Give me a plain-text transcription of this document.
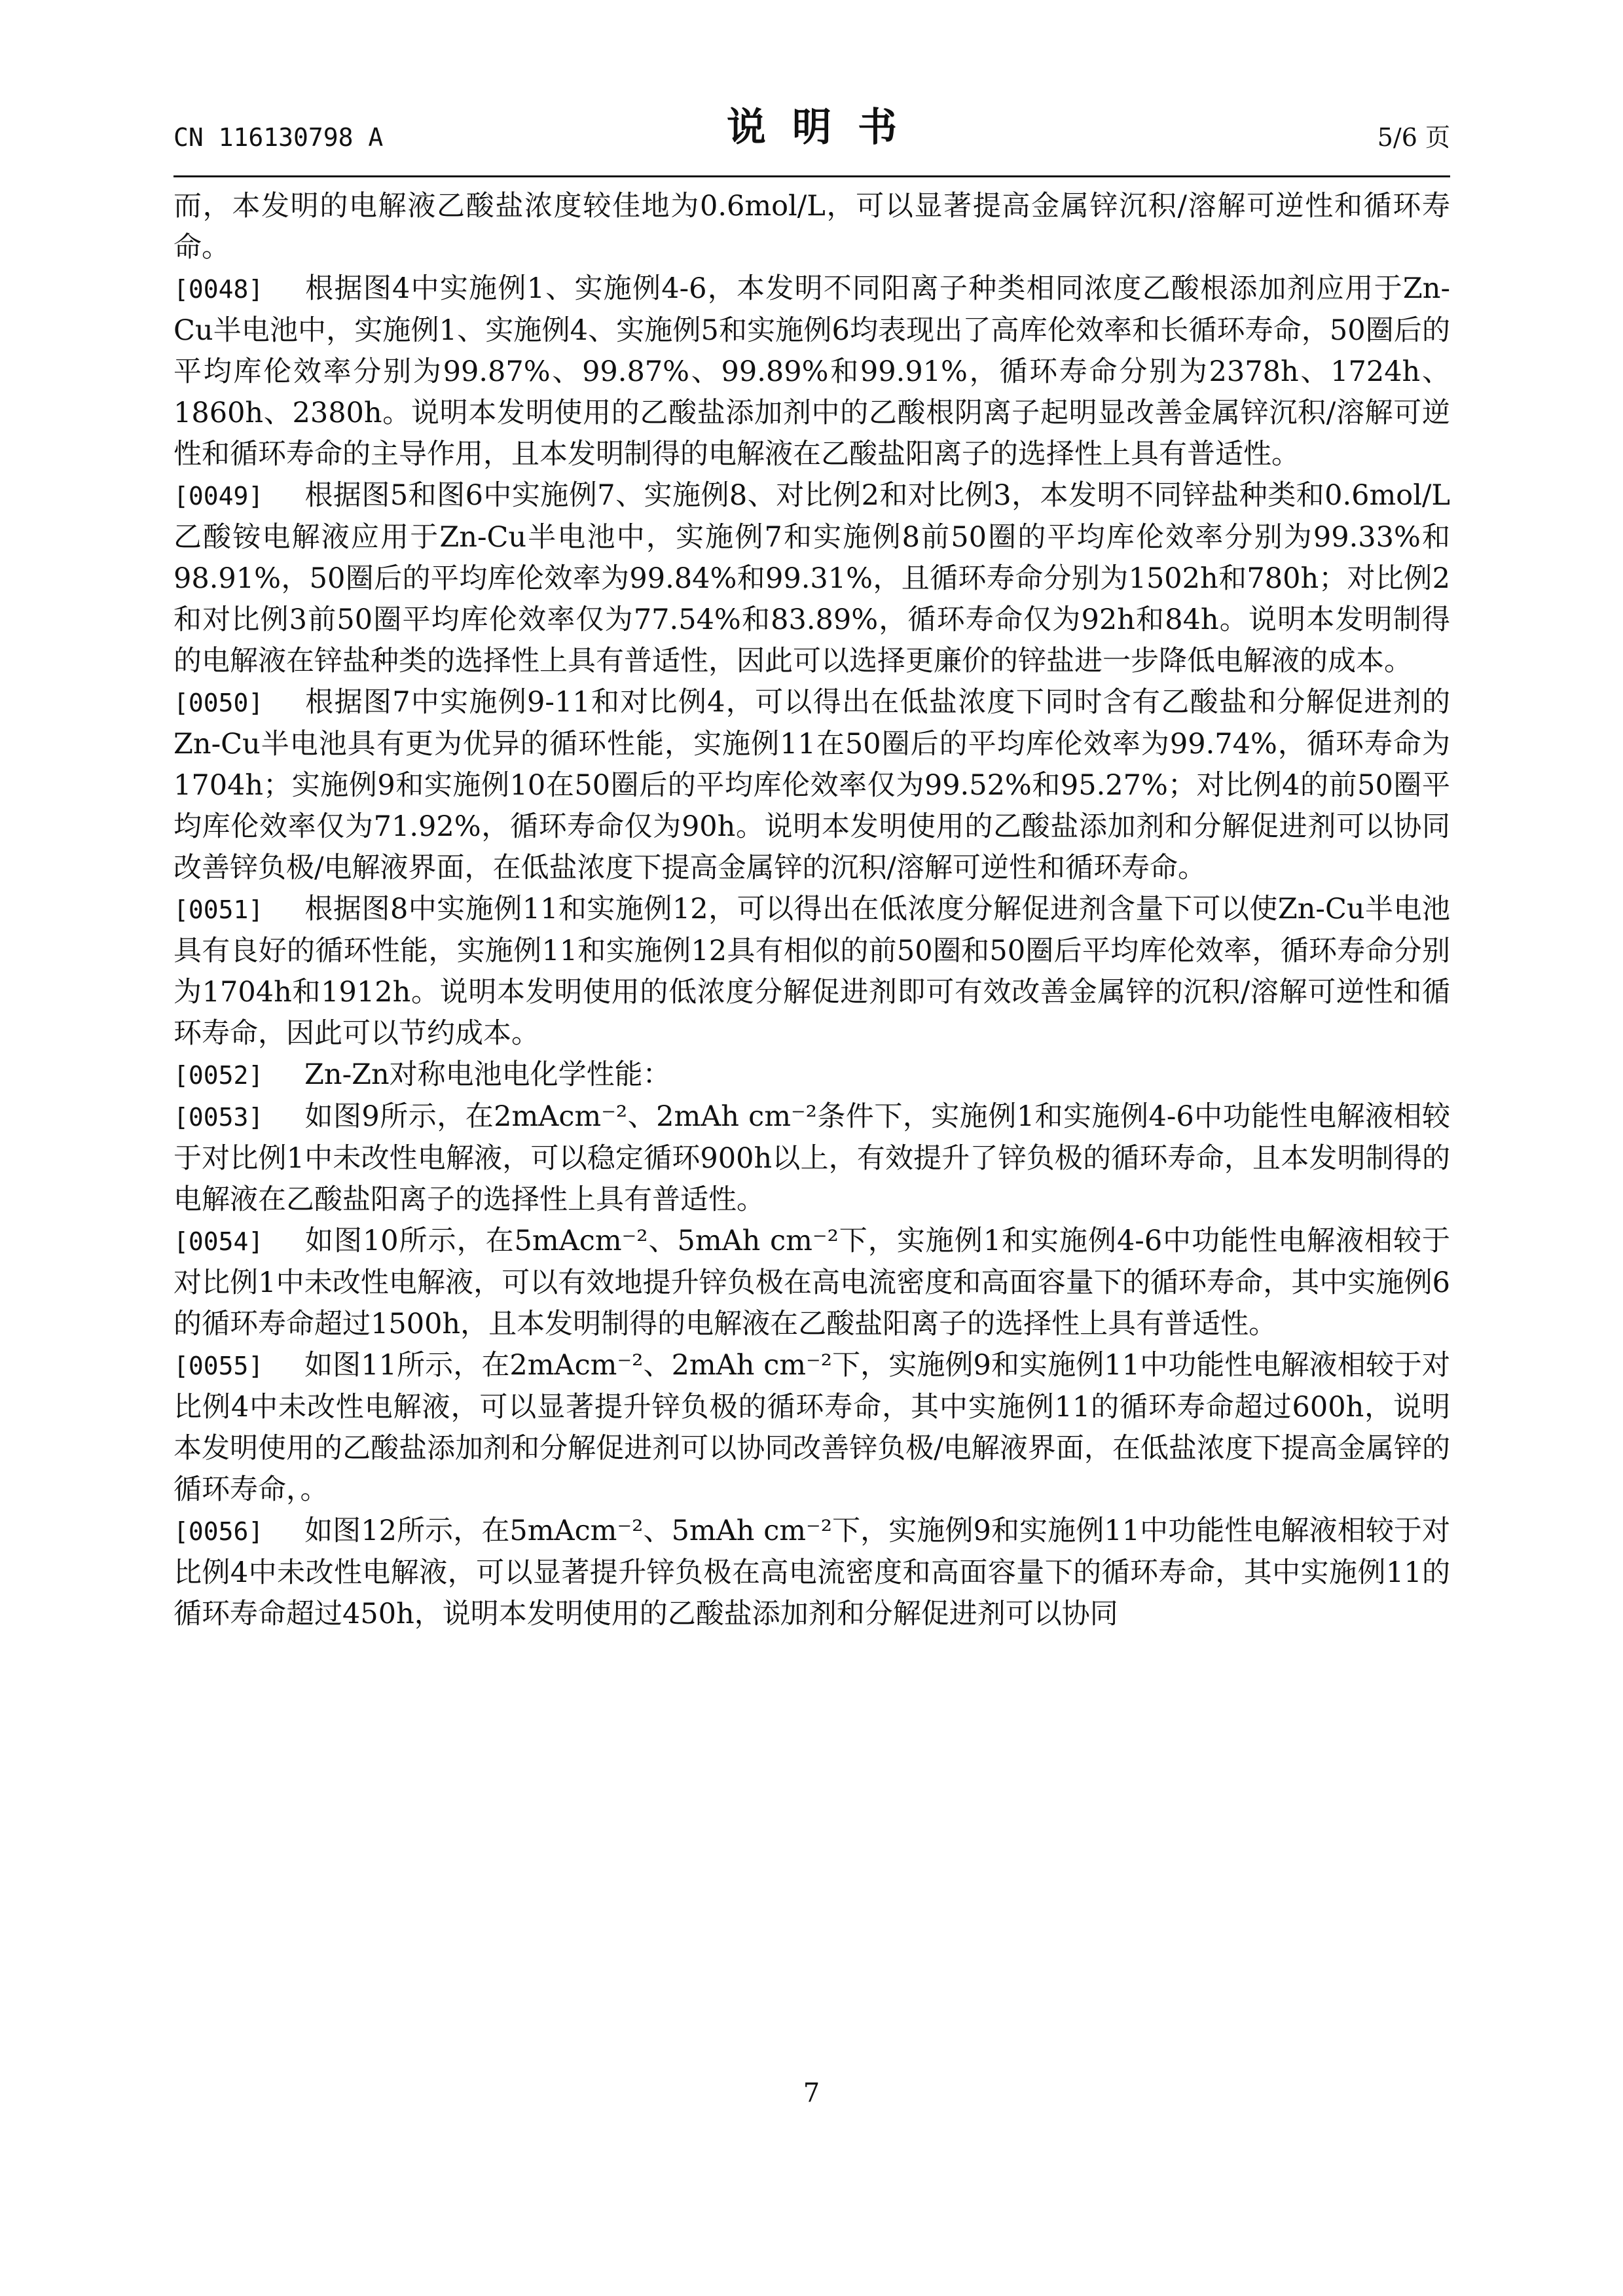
CN 116130798 A	说明书	5/6 页

而，本发明的电解液乙酸盐浓度较佳地为0.6mol/L，可以显著提高金属锌沉积/溶解可逆性和循环寿命。

[0048] 根据图4中实施例1、实施例4-6，本发明不同阳离子种类相同浓度乙酸根添加剂应用于Zn-Cu半电池中，实施例1、实施例4、实施例5和实施例6均表现出了高库伦效率和长循环寿命，50圈后的平均库伦效率分别为99.87%、99.87%、99.89%和99.91%，循环寿命分别为2378h、1724h、1860h、2380h。说明本发明使用的乙酸盐添加剂中的乙酸根阴离子起明显改善金属锌沉积/溶解可逆性和循环寿命的主导作用，且本发明制得的电解液在乙酸盐阳离子的选择性上具有普适性。

[0049] 根据图5和图6中实施例7、实施例8、对比例2和对比例3，本发明不同锌盐种类和0.6mol/L乙酸铵电解液应用于Zn-Cu半电池中，实施例7和实施例8前50圈的平均库伦效率分别为99.33%和98.91%，50圈后的平均库伦效率为99.84%和99.31%，且循环寿命分别为1502h和780h；对比例2和对比例3前50圈平均库伦效率仅为77.54%和83.89%，循环寿命仅为92h和84h。说明本发明制得的电解液在锌盐种类的选择性上具有普适性，因此可以选择更廉价的锌盐进一步降低电解液的成本。

[0050] 根据图7中实施例9-11和对比例4，可以得出在低盐浓度下同时含有乙酸盐和分解促进剂的Zn-Cu半电池具有更为优异的循环性能，实施例11在50圈后的平均库伦效率为99.74%，循环寿命为1704h；实施例9和实施例10在50圈后的平均库伦效率仅为99.52%和95.27%；对比例4的前50圈平均库伦效率仅为71.92%，循环寿命仅为90h。说明本发明使用的乙酸盐添加剂和分解促进剂可以协同改善锌负极/电解液界面，在低盐浓度下提高金属锌的沉积/溶解可逆性和循环寿命。

[0051] 根据图8中实施例11和实施例12，可以得出在低浓度分解促进剂含量下可以使Zn-Cu半电池具有良好的循环性能，实施例11和实施例12具有相似的前50圈和50圈后平均库伦效率，循环寿命分别为1704h和1912h。说明本发明使用的低浓度分解促进剂即可有效改善金属锌的沉积/溶解可逆性和循环寿命，因此可以节约成本。

[0052] Zn-Zn对称电池电化学性能：

[0053] 如图9所示，在2mAcm⁻²、2mAh cm⁻²条件下，实施例1和实施例4-6中功能性电解液相较于对比例1中未改性电解液，可以稳定循环900h以上，有效提升了锌负极的循环寿命，且本发明制得的电解液在乙酸盐阳离子的选择性上具有普适性。

[0054] 如图10所示，在5mAcm⁻²、5mAh cm⁻²下，实施例1和实施例4-6中功能性电解液相较于对比例1中未改性电解液，可以有效地提升锌负极在高电流密度和高面容量下的循环寿命，其中实施例6的循环寿命超过1500h，且本发明制得的电解液在乙酸盐阳离子的选择性上具有普适性。

[0055] 如图11所示，在2mAcm⁻²、2mAh cm⁻²下，实施例9和实施例11中功能性电解液相较于对比例4中未改性电解液，可以显著提升锌负极的循环寿命，其中实施例11的循环寿命超过600h，说明本发明使用的乙酸盐添加剂和分解促进剂可以协同改善锌负极/电解液界面，在低盐浓度下提高金属锌的循环寿命，。

[0056] 如图12所示，在5mAcm⁻²、5mAh cm⁻²下，实施例9和实施例11中功能性电解液相较于对比例4中未改性电解液，可以显著提升锌负极在高电流密度和高面容量下的循环寿命，其中实施例11的循环寿命超过450h，说明本发明使用的乙酸盐添加剂和分解促进剂可以协同

7
